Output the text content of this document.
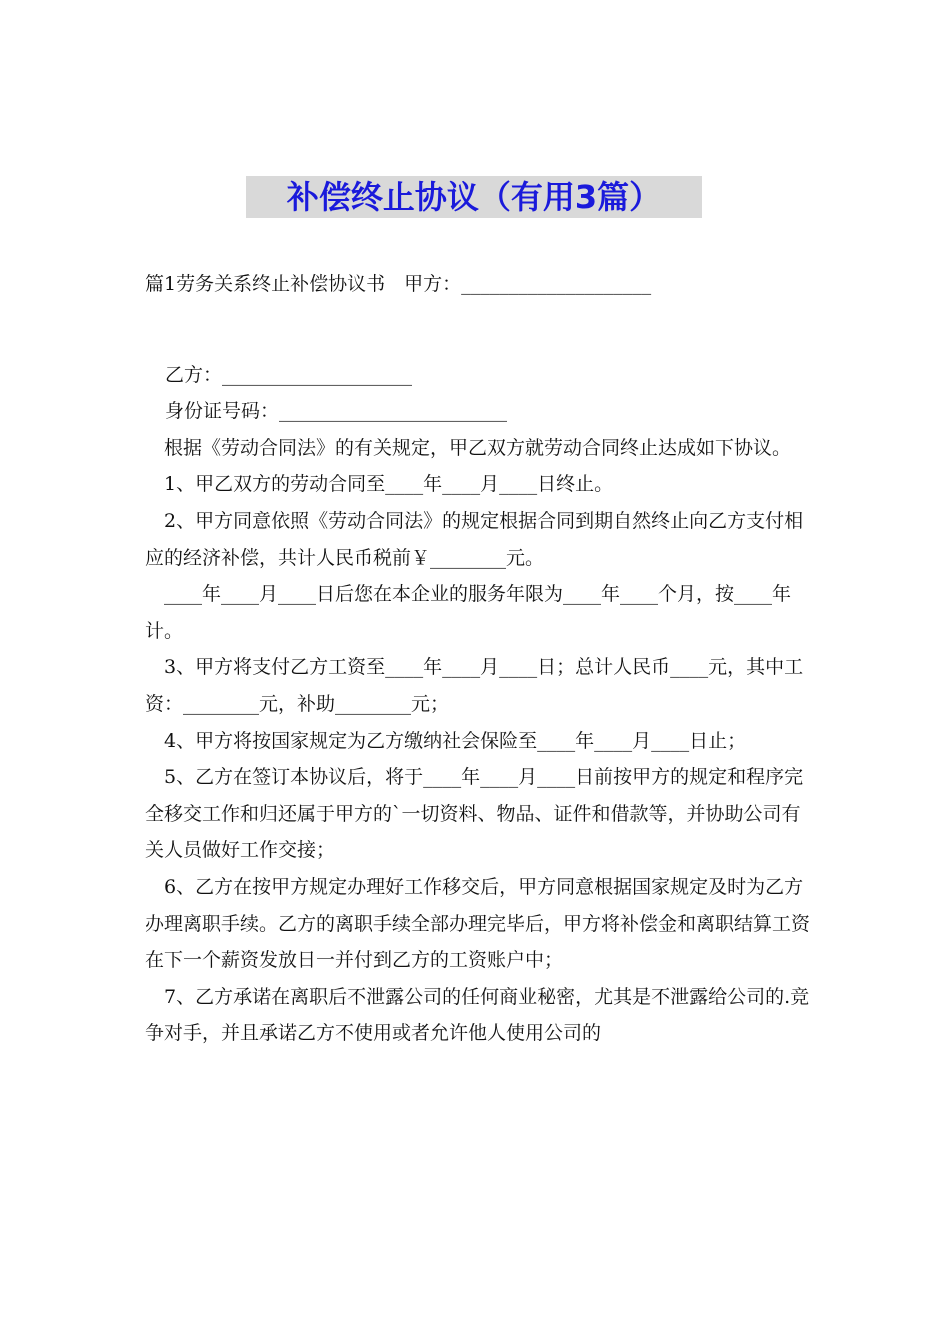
补偿终止协议（有用3篇）

篇1劳务关系终止补偿协议书　甲方：____________________

乙方：____________________

身份证号码：________________________

　根据《劳动合同法》的有关规定，甲乙双方就劳动合同终止达成如下协议。

　1、甲乙双方的劳动合同至____年____月____日终止。

　2、甲方同意依照《劳动合同法》的规定根据合同到期自然终止向乙方支付相应的经济补偿，共计人民币税前￥________元。

　____年____月____日后您在本企业的服务年限为____年____个月，按____年计。

　3、甲方将支付乙方工资至____年____月____日；总计人民币____元，其中工资：________元，补助________元；

　4、甲方将按国家规定为乙方缴纳社会保险至____年____月____日止；

　5、乙方在签订本协议后，将于____年____月____日前按甲方的规定和程序完全移交工作和归还属于甲方的`一切资料、物品、证件和借款等，并协助公司有关人员做好工作交接；

　6、乙方在按甲方规定办理好工作移交后，甲方同意根据国家规定及时为乙方办理离职手续。乙方的离职手续全部办理完毕后，甲方将补偿金和离职结算工资在下一个薪资发放日一并付到乙方的工资账户中；

　7、乙方承诺在离职后不泄露公司的任何商业秘密，尤其是不泄露给公司的.竞争对手，并且承诺乙方不使用或者允许他人使用公司的
